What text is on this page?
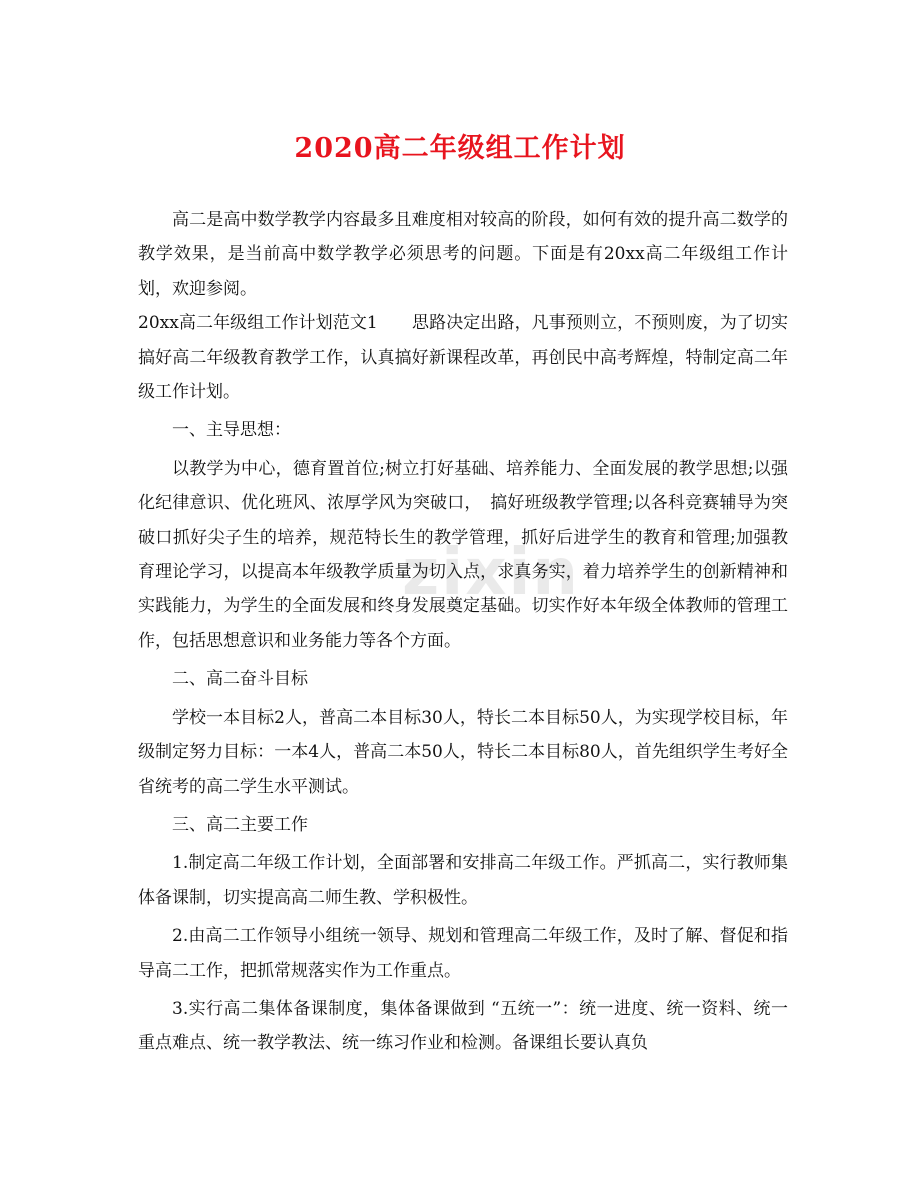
2020高二年级组工作计划
zixin

高二是高中数学教学内容最多且难度相对较高的阶段，如何有效的提升高二数学的教学效果，是当前高中数学教学必须思考的问题。下面是有20xx高二年级组工作计划，欢迎参阅。

20xx高二年级组工作计划范文1　　思路决定出路，凡事预则立，不预则废，为了切实搞好高二年级教育教学工作，认真搞好新课程改革，再创民中高考辉煌，特制定高二年级工作计划。

一、主导思想：

以教学为中心，德育置首位;树立打好基础、培养能力、全面发展的教学思想;以强化纪律意识、优化班风、浓厚学风为突破口，　搞好班级教学管理;以各科竞赛辅导为突破口抓好尖子生的培养，规范特长生的教学管理，抓好后进学生的教育和管理;加强教育理论学习，以提高本年级教学质量为切入点，求真务实，着力培养学生的创新精神和实践能力，为学生的全面发展和终身发展奠定基础。切实作好本年级全体教师的管理工作，包括思想意识和业务能力等各个方面。

二、高二奋斗目标

学校一本目标2人，普高二本目标30人，特长二本目标50人，为实现学校目标，年级制定努力目标：一本4人，普高二本50人，特长二本目标80人，首先组织学生考好全省统考的高二学生水平测试。

三、高二主要工作

1.制定高二年级工作计划，全面部署和安排高二年级工作。严抓高二，实行教师集体备课制，切实提高高二师生教、学积极性。

2.由高二工作领导小组统一领导、规划和管理高二年级工作，及时了解、督促和指导高二工作，把抓常规落实作为工作重点。

3.实行高二集体备课制度，集体备课做到 “五统一”：统一进度、统一资料、统一重点难点、统一教学教法、统一练习作业和检测。备课组长要认真负
